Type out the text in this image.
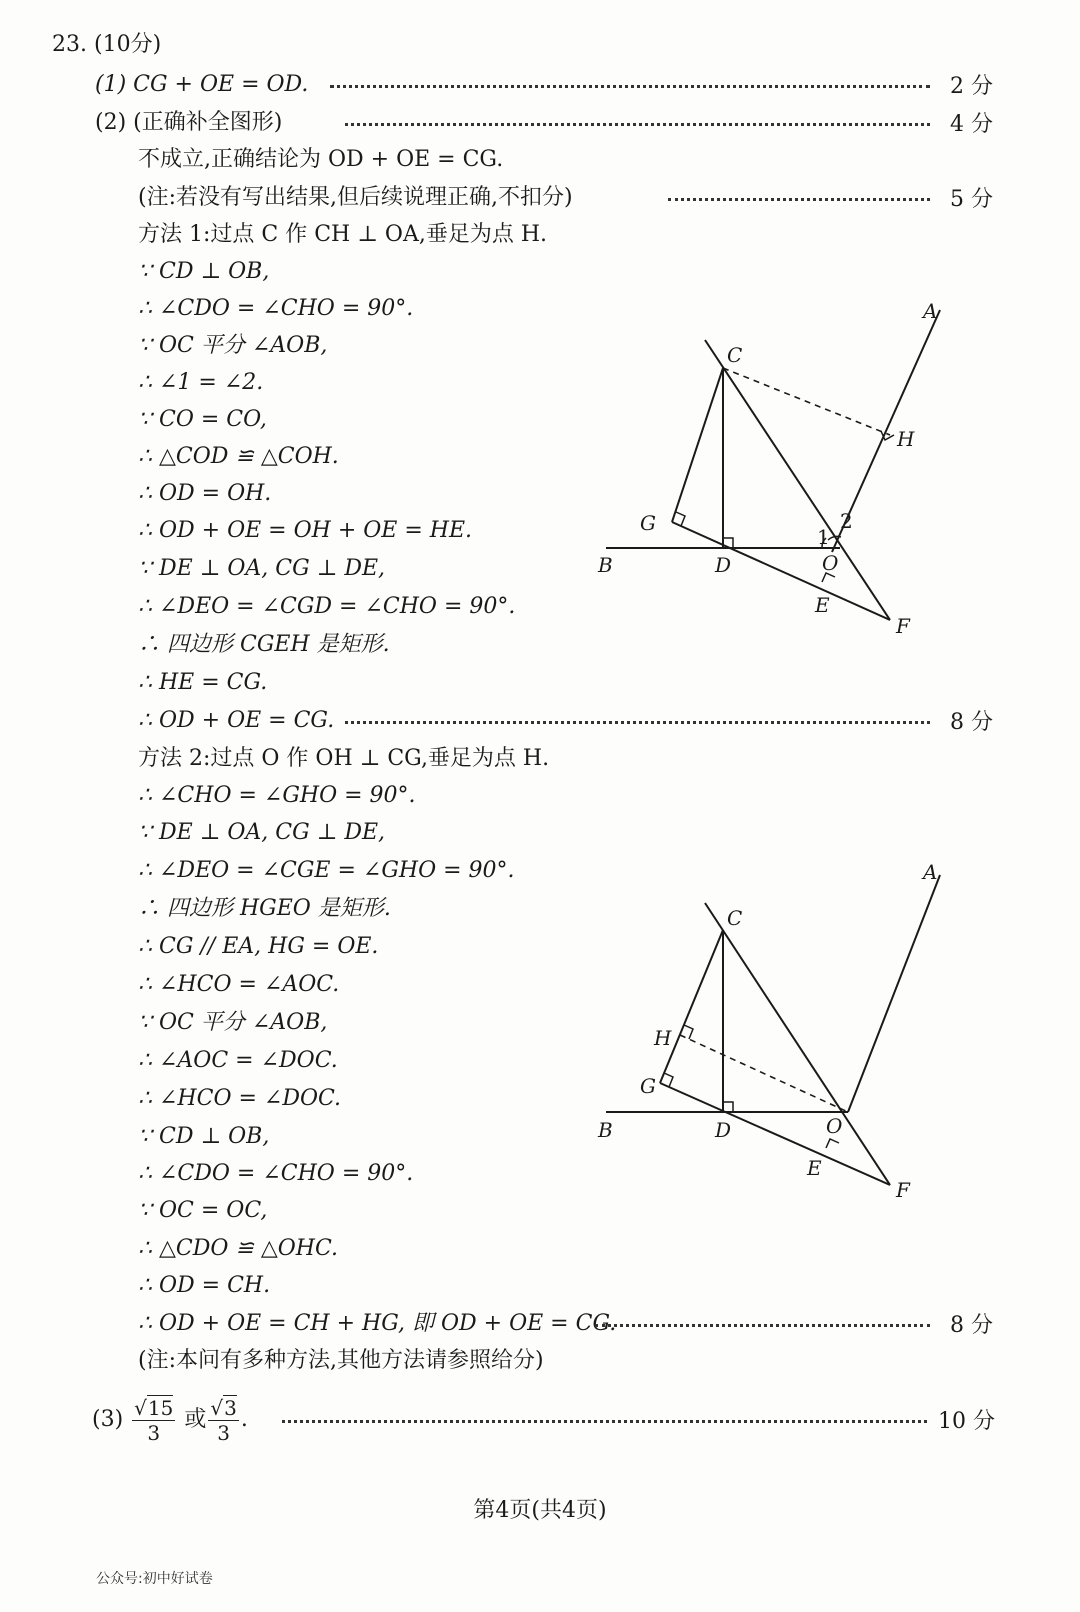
23. (10分)
(1) CG + OE = OD.	2 分
(2) (正确补全图形)	4 分
不成立,正确结论为 OD + OE = CG.
(注:若没有写出结果,但后续说理正确,不扣分)	5 分
方法 1:过点 C 作 CH ⊥ OA,垂足为点 H.
∵ CD ⊥ OB,
∴ ∠CDO = ∠CHO = 90°.
∵ OC 平分 ∠AOB,
∴ ∠1 = ∠2.
∵ CO = CO,
∴ △COD ≌ △COH.
∴ OD = OH.
∴ OD + OE = OH + OE = HE.
∵ DE ⊥ OA, CG ⊥ DE,
∴ ∠DEO = ∠CGD = ∠CHO = 90°.
∴ 四边形 CGEH 是矩形.
∴ HE = CG.
∴ OD + OE = CG.	8 分
方法 2:过点 O 作 OH ⊥ CG,垂足为点 H.
∴ ∠CHO = ∠GHO = 90°.
∵ DE ⊥ OA, CG ⊥ DE,
∴ ∠DEO = ∠CGE = ∠GHO = 90°.
∴ 四边形 HGEO 是矩形.
∴ CG // EA, HG = OE.
∴ ∠HCO = ∠AOC.
∵ OC 平分 ∠AOB,
∴ ∠AOC = ∠DOC.
∴ ∠HCO = ∠DOC.
∵ CD ⊥ OB,
∴ ∠CDO = ∠CHO = 90°.
∵ OC = OC,
∴ △CDO ≌ △OHC.
∴ OD = CH.
∴ OD + OE = CH + HG, 即 OD + OE = CG.	8 分
(注:本问有多种方法,其他方法请参照给分)
$(3) \frac{√15}{3}$ 或 $\frac{√3}{3}$ .	10 分
A
C
H
G
1
2
B	D	O
E
F
A
C
H
G
B	D	O
E
F
第4页(共4页)
公众号:初中好试卷
